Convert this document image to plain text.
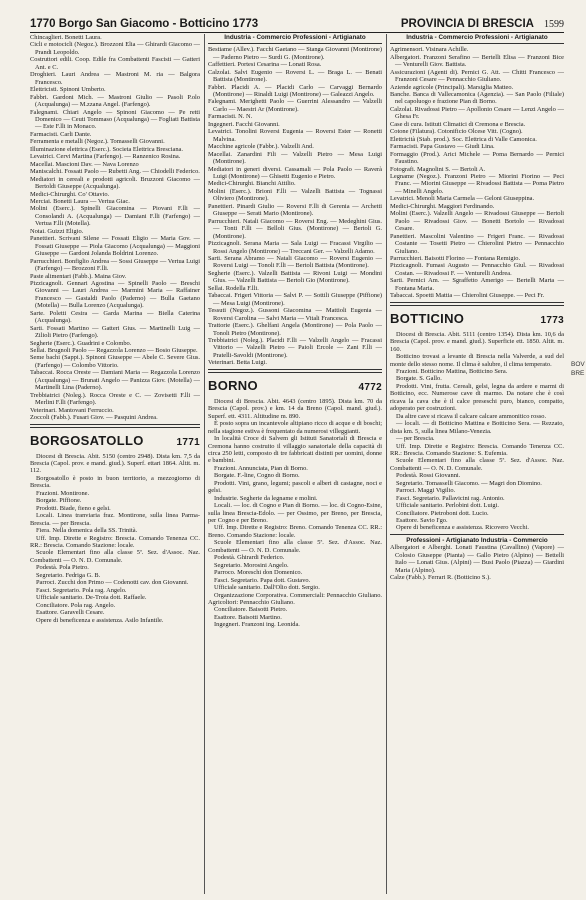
1770 Borgo San Giacomo - Botticino 1773	PROVINCIA DI BRESCIA 1599

Chincaglieri. Bonetti Laura.

Cicli e motocicli (Negoz.). Brozzoni Elia — Ghirardi Giacomo — Prandi Leopoldo.

Costruttori edili. Coop. Edile fra Combattenti Fascisti — Gatteri Ant. e C.

Droghieri. Lauri Andrea — Mastroni M. ria — Balgora Francesco.

Elettricisti. Spinoni Umberto.

Fabbri. Gardoni Mich. — Mastroni Giulio — Pasoli P.olo (Acqualunga) — M.zzana Angel. (Farfengo).

Falegnami. Chiari Angelo — Spinoni Giacomo — Pe retti Domenico — Ceuti Tommaso (Acqualunga) — Fogliati Battista — Este F.lli in Monaco.

Farmacisti. Carli Dante.

Ferramenta e metalli (Negoz.). Tomasselli Giovanni.

Illuminazione elettrica (Eserc.). Societa Elettrica Bresciana.

Levatrici. Cervi Martina (Farfengo). — Ranzenico Rosina.

Macellai. Mascioni Dav. — Nava Lorenzo

Maniscalchi. Fossati Paolo — Rubetti Ang. — Chiodelli Federico.

Mediatori in cereali e prodotti agricoli. Bruzzoni Giacomo — Bertoldi Giuseppe (Acqualunga).

Medici-Chirurghi. Co' Ottavio.

Merciai. Bonetti Laura — Vertua Giac.

Molini (Eserc.). Spinelli Giacomina — Piovani F.lli — Consolandi A. (Acqualunga) — Damiani F.lli (Farfengo) — Vertua F.lli (Motella).

Notai. Guizzi Eligio.

Panettieri. Scrivani Silene — Fossati Eligio — Maria Gov. — Fossati Giuseppe — Piola Giacomo (Acqualunga) — Maggioni Giuseppe — Gardoni Jolanda Boldrini Lorenzo.

Parrucchieri. Bonfiglio Andrea — Sossi Giuseppe — Vertua Luigi (Farfengo) — Brozzoni F.lli.

Paste alimentari (Fabb.). Maina Giov.

Pizzicagnoli. Gennari Agostina — Spinelli Paolo — Breschi Giovanni — Lauri Andrea — Marmini Maria — Raffainer Francesco — Gastaldi Paolo (Paderno) — Bulla Gaetano (Motella) — Bulla Lorenzo (Acqualunga).

Sarte. Poletti Cesira — Garda Marina — Biella Caterina (Acqualunga).

Sarti. Fossati Martino — Gatteri Gius. — Martinelli Luig — Zilioli Pietro (Farfengo).

Segherie (Eserc.). Guadrini e Colombo.

Sellai. Brugnoli Paolo — Regazzola Lorenzo — Bosio Giuseppe.

Seme bachi (Sappi.). Spinoni Giuseppe — Abele C. Severe Gius. (Farfengo) — Colombo Vittorio.

Tabaccai. Rocca Oreste — Damiani Maria — Regazzola Lorenzo (Acqualunga) — Brunati Angelo — Panizza Giov. (Motella) — Martinelli Lina (Paderno).

Trebbiatrici (Noleg.). Rocca Oreste e C. — Zovisetti F.lli — Merlini F.lli (Farfengo).

Veterinari. Mantovani Ferruccio.

Zoccoli (Fabb.). Fusari Giov. — Pasquini Andrea.

BORGOSATOLLO	1771

Diocesi di Brescia. Abit. 5150 (centro 2948). Dista km. 7,5 da Brescia (Capol. prov. e mand. giud.). Superf. ettari 1864. Altit. m. 112.

Borgosatollo è posto in buon territorio, a mezzogiorno di Brescia.

Frazioni. Montirone.

Borgate. Piffione.

Prodotti. Biade, fieno e gelsi.

Locali. Linea tranviaria fraz. Montirone, sulla linea Parma-Brescia. — per Brescia.

Fiera. Nella domenica della SS. Trinità.

Uff. Imp. Dirette e Registro: Brescia. Comando Tenenza CC. RR.: Brescia. Comando Stazione: locale.

Scuole Elementari fino alla classe 5ª. Sez. d'Assoc. Naz. Combattenti — O. N. D. Comunale.

Podestà. Pola Pietro.

Segretario. Fedriga G. B.

Parroci. Zucchi don Primo — Codenotti cav. don Giovanni.

Fasci. Segretario. Pola rag. Angelo.

Ufficiale sanitario. De-Troia dott. Raffaele.

Conciliatore. Pola rag. Angelo.

Esattore. Garavelli Cesare.

Opere di beneficenza e assistenza. Asilo Infantile.

Industria - Commercio Professioni - Artigianato

Bestiame (Allev.). Facchi Gaetano — Stanga Giovanni (Montirone) — Paderno Pietro — Surdi G. (Montirone).

Caffettieri. Portesi Cesarina — Lonati Rosa.

Calzolai. Salvi Eugenio — Roversi L. — Braga L. — Benati Battista (Montirone).

Fabbri. Placidi A. — Placidi Carlo — Carvaggi Bernardo (Montirone) — Rinaldi Luigi (Montirone) — Galeazzi Angelo.

Falegnami. Merighetti Paolo — Guerrini Alessandro — Valzelli Carlo — Maestri Ar (Montirone).

Farmacisti. N. N.

Ingegneri. Facchi Giovanni.

Levatrici. Tonolini Roversi Eugenia — Roversi Ester — Ronetti Malvina.

Macchine agricole (Fabbr.). Valzelli And.

Macellai. Zanardini Fili — Valzelli Pietro — Mesa Luigi (Montirone).

Mediatori in generi diversi. Cassamali — Pola Paolo — Raverà Luigi (Montirone) — Ghisetti Eugenio e Pietro.

Medici-Chirurghi. Bianchi Attilio.

Molini (Eserc.). Brioni F.lli — Valzelli Battista — Tognassi Oliviero (Montirone).

Panettieri. Pinardi Giulio — Roversi F.lli di Gerenia — Archetti Giuseppe — Serati Mario (Montirone).

Parrucchieri. Natali Giacomo — Roversi Eng. — Medeghini Gius. — Tonti F.lli — Belloli Gius. (Montirone) — Bertoli G. (Montirone).

Pizzicagnoli. Serana Maria — Sala Luigi — Fracassi Virgilio — Rossi Angelo (Montirone) — Treccani Ger. — Valzelli Adamo.

Sarti. Serana Abramo — Natali Giacomo — Roversi Eugenio — Roversi Luigi — Tonoli F.lli — Bertoli Battista (Montirone).

Segherie (Eserc.). Valzelli Battista — Rivoni Luigi — Mondini Gius. — Valzelli Battista — Bertoli Gio (Montirone).

Sellai. Rodella F.lli.

Tabaccai. Frigeri Vittoria — Salvi P. — Sottili Giuseppe (Piffione) — Mesa Luigi (Montirone).

Tessuti (Negoz.). Gussoni Giacomina — Mattioli Eugenia — Roversi Carolina — Salvi Maria — Vitali Francesca.

Trattorie (Eserc.). Ghelfani Angela (Montirone) — Pola Paolo — Tonoli Pietro (Montirone).

Trebbiatrici (Noleg.). Placidi F.lli — Valzelli Angelo — Fracassi Vittorio — Valzelli Pietro — Paioli Ercole — Zani F.lli — Pratelli-Savoldi (Montirone).

Veterinari. Betta Luigi.

BORNO	4772

Diocesi di Brescia. Abit. 4643 (centro 1895). Dista km. 70 da Brescia (Capol. prov.) e km. 14 da Breno (Capol. mand. giud.). Superf. ett. 4311. Altitudine m. 890.

È posto sopra un incantevole altipiano ricco di acque e di boschi; nella stagione estiva è frequentato da numerosi villeggianti.

In località Croce di Salvem gli Istituti Sanatoriali di Brescia e Cremona hanno costruito il villaggio sanatoriale della capacità di circa 250 letti, composto di tre fabbricati distinti per uomini, donne e bambini.

Frazioni. Annunciata, Pian di Borno.

Borgate. F.-line, Cogno di Borno.

Prodotti. Vini, grano, legumi; pascoli e alberi di castagne, noci e gelsi.

Industrie. Segherie da legname e molini.

Locali. — loc. di Cogno e Pian di Borno. — loc. di Cogno-Esine, sulla linea Brescia-Edolo. — per Ossimo, per Breno, per Brescia, per Cogno e per Breno.

Uff. Imp. Dirette e Registro: Breno. Comando Tenenza CC. RR.: Breno. Comando Stazione: locale.

Scuole Elementari fino alla classe 5ª. Sez. d'Assoc. Naz. Combattenti — O. N. D. Comunale.

Podestà. Ghirardi Federico.

Segretario. Morosini Angelo.

Parroco. Moreschi don Domenico.

Fasci. Segretario. Papa dott. Gustavo.

Ufficiale sanitario. Dall'Olio dott. Sergio.

Organizzazione Corporativa. Commerciali: Pennacchio Giuliano. Agricoltori: Pennacchio Giuliano.

Conciliatore. Baisotti Pietro.

Esattore. Baisotti Martino.

Ingegneri. Franzoni ing. Leonida.

Industria - Commercio Professioni - Artigianato

Agrimensori. Visinara Achille.

Albergatori. Franzoni Serafino — Bertelli Elisa — Franzoni Bice — Venturelli Giov. Battista.

Assicurazioni (Agenti di). Pernici G. Att. — Chitti Francesco — Franzoni Cesare — Pennacchio Giuliano.

Aziende agricole (Principali). Marsiglia Matteo.

Banche. Banca di Vallecamonica (Agenzia). — San Paolo (Filiale) nel capoluogo e frazione Pian di Borno.

Calzolai. Rivadossi Pietro — Apollonio Cesare — Lenzi Angelo — Ghesa Fr.

Case di cura. Istituti Climatici di Cremona e Brescia.

Cotone (Filatura). Cotonificio Olcese Vitt. (Cogno).

Elettricità (Stab. prod.). Soc. Elettrica di Valle Camonica.

Farmacisti. Papa Gustavo — Giudi Lina.

Formaggio (Prod.). Arici Michele — Poma Bernardo — Pernici Faustino.

Fotografi. Magnolini S. — Bertoli A.

Legname (Negoz.). Franzoni Pietro — Miorini Fiorino — Peci Franc. — Miorini Giuseppe — Rivadossi Battista — Poma Pietro — Minelli Angelo.

Levatrici. Menoli Maria Carmela — Geloni Giuseppina.

Medici-Chirurghi. Maggiori Ferdinando.

Molini (Eserc.). Valzelli Angelo — Rivadossi Giuseppe — Bertoli Paolo — Rivadossi Giov. — Bonetti Bortolo — Rivadossi Cesare.

Panettieri. Mascolini Valentino — Frigeri Franc. — Rivadossi Costante — Tosetti Pietro — Chierolini Pietro — Pennacchio Giuliano.

Parrucchieri. Baisotti Florino — Fontana Remigio.

Pizzicagnoli. Fumasi Augusto — Pennacchio Giul. — Rivadossi Costan. — Rivadossi F. — Venturelli Andrea.

Sarti. Pernici Am. — Sgraffetto Amerigo — Bertelli Marta — Fontana Maria.

Tabaccai. Spoetti Mattia — Chierolini Giuseppe. — Peci Fr.

BOTTICINO	1773

Diocesi di Brescia. Abit. 5111 (centro 1354). Dista km. 10,6 da Brescia (Capol. prov. e mand. giud.). Superficie ett. 1850. Altit. m. 160.

Botticino trovasi a levante di Brescia nella Valverde, a sud del monte dello stesso nome. Il clima è salubre, il clima temperato.

Frazioni. Botticino Mattina, Botticino Sera.

Borgate. S. Gallo.

Prodotti. Vini, frutta. Cereali, gelsi, legna da ardere e marmi di Botticino, ecc. Numerose cave di marmo. Da notare che è così ricava la cava che è il calce preseschi puro, bianco, compatto, adoperato per costruzioni.

Da altre cave si ricava il calcare calcare ammonitico rosso.

— locali. — di Botticino Mattina e Botticino Sera. — Rezzato, dista km. 5, sulla linea Milano-Venezia.

— per Brescia.

Uff. Imp. Dirette e Registro: Brescia. Comando Tenenza CC. RR.: Brescia. Comando Stazione: S. Eufemia.

Scuole Elementari fino alla classe 5ª. Sez. d'Assoc. Naz. Combattenti — O. N. D. Comunale.

Podestà. Rossi Giovanni.

Segretario. Tomasselli Giacomo. — Magri don Diomino.

Parroci. Maggi Vigilio.

Fasci. Segretario. Pallavicini rag. Antonio.

Ufficiale sanitario. Perlobini dott. Luigi.

Conciliatore. Pietroboni dott. Lucio.

Esattore. Savio I'go.

Opere di beneficenza e assistenza. Ricovero Vecchi.

Professioni - Artigianato Industria - Commercio

Albergatori e Alberghi. Lonati Faustina (Cavallino) (Vapore) — Colosio Giuseppe (Pianta) — Gallo Pietro (Alpino) — Bettelli Italo — Lonati Gius. (Alpini) — Busi Paolo (Piazza) — Giardini Maria (Alpino).

Calze (Fabb.). Ferrari R. (Botticino S.).

BOV BRE
